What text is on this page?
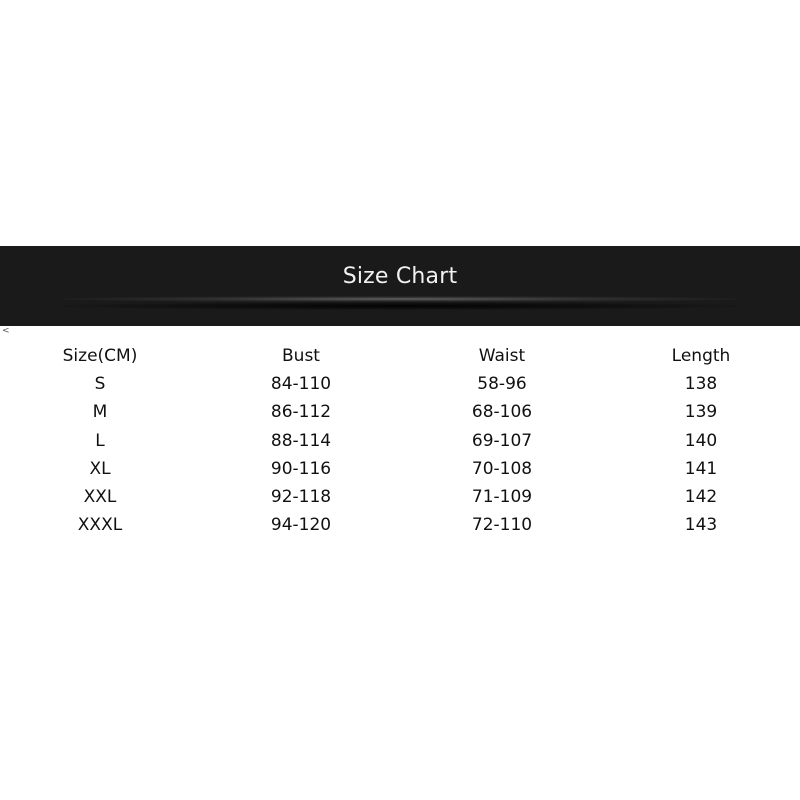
Size Chart
<
Size(CM)	Bust	Waist	Length
S	84-110	58-96	138
M	86-112	68-106	139
L	88-114	69-107	140
XL	90-116	70-108	141
XXL	92-118	71-109	142
XXXL	94-120	72-110	143
